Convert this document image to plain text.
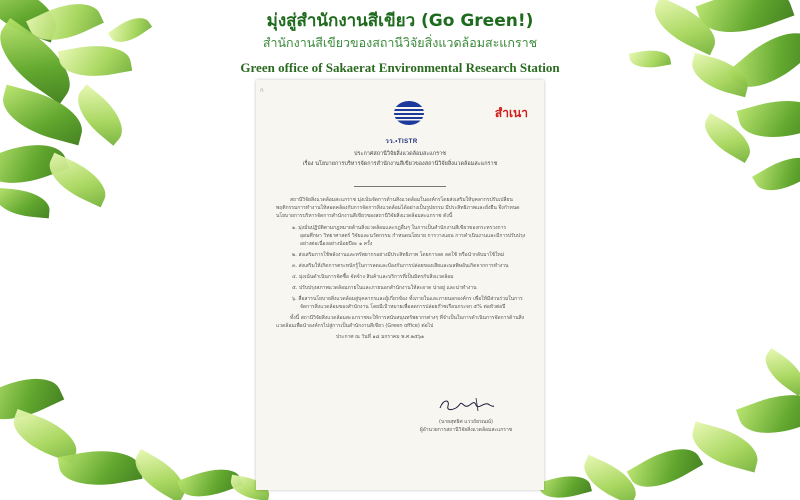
มุ่งสู่สำนักงานสีเขียว (Go Green!)
สำนักงานสีเขียวของสถานีวิจัยสิ่งแวดล้อมสะแกราช
Green office of Sakaerat Environmental Research Station
ก
วว.•TISTR
สำเนา
ประกาศสถานีวิจัยสิ่งแวดล้อมสะแกราช
เรื่อง นโยบายการบริหารจัดการสำนักงานสีเขียวของสถานีวิจัยสิ่งแวดล้อมสะแกราช

สถานีวิจัยสิ่งแวดล้อมสะแกราช มุ่งเน้นจัดการด้านสิ่งแวดล้อมในองค์กรโดยส่งเสริมให้บุคลากรปรับเปลี่ยนพฤติกรรมการทำงานให้สอดคล้องกับการจัดการสิ่งแวดล้อมได้อย่างเป็นรูปธรรม มีประสิทธิภาพและยั่งยืน จึงกำหนดนโยบายการบริหารจัดการสำนักงานสีเขียวของสถานีวิจัยสิ่งแวดล้อมสะแกราช ดังนี้

๑. มุ่งมั่นปฏิบัติตามกฎหมายด้านสิ่งแวดล้อมและกฎอื่นๆ ในการเป็นสำนักงานสีเขียวของกระทรวงการอุดมศึกษา วิทยาศาสตร์ วิจัยและนวัตกรรม กำหนดนโยบาย การวางแผน การดำเนินงานและมีการปรับปรุงอย่างต่อเนื่องอย่างน้อยปีละ ๑ ครั้ง
๒. ส่งเสริมการใช้พลังงานและทรัพยากรอย่างมีประสิทธิภาพ โดยการลด ลดใช้ หรือนำกลับมาใช้ใหม่
๓. ส่งเสริมให้เกิดการตระหนักรู้ในการลดและป้องกันการปล่อยของเสียและมลพิษอันเกิดจากการทำงาน
๔. มุ่งเน้นดำเนินการจัดซื้อ จัดจ้าง สินค้าและบริการที่เป็นมิตรกับสิ่งแวดล้อม
๕. ปรับปรุงสภาพแวดล้อมภายในและภายนอกสำนักงานให้สะอาด น่าอยู่ และน่าทำงาน
๖. สื่อสารนโยบายสิ่งแวดล้อมสู่บุคลากรและผู้เกี่ยวข้อง ทั้งภายในและภายนอกองค์กร เพื่อให้มีส่วนร่วมในการจัดการสิ่งแวดล้อมของสำนักงาน โดยมีเป้าหมายเพื่อลดการปล่อยก๊าซเรือนกระจก ๕% ต่อหัวต่อปี

ทั้งนี้ สถานีวิจัยสิ่งแวดล้อมสะแกราชจะให้การสนับสนุนทรัพยากรต่างๆ ที่จำเป็นในการดำเนินการจัดการด้านสิ่งแวดล้อมเพื่อนำองค์กรไปสู่การเป็นสำนักงานสีเขียว (Green office) ต่อไป

ประกาศ ณ วันที่ ๑๘ มกราคม พ.ศ.๒๕๖๑

(นายสุทธิศ แววถัยรณณ์)
ผู้อำนวยการสถานีวิจัยสิ่งแวดล้อมสะแกราช
